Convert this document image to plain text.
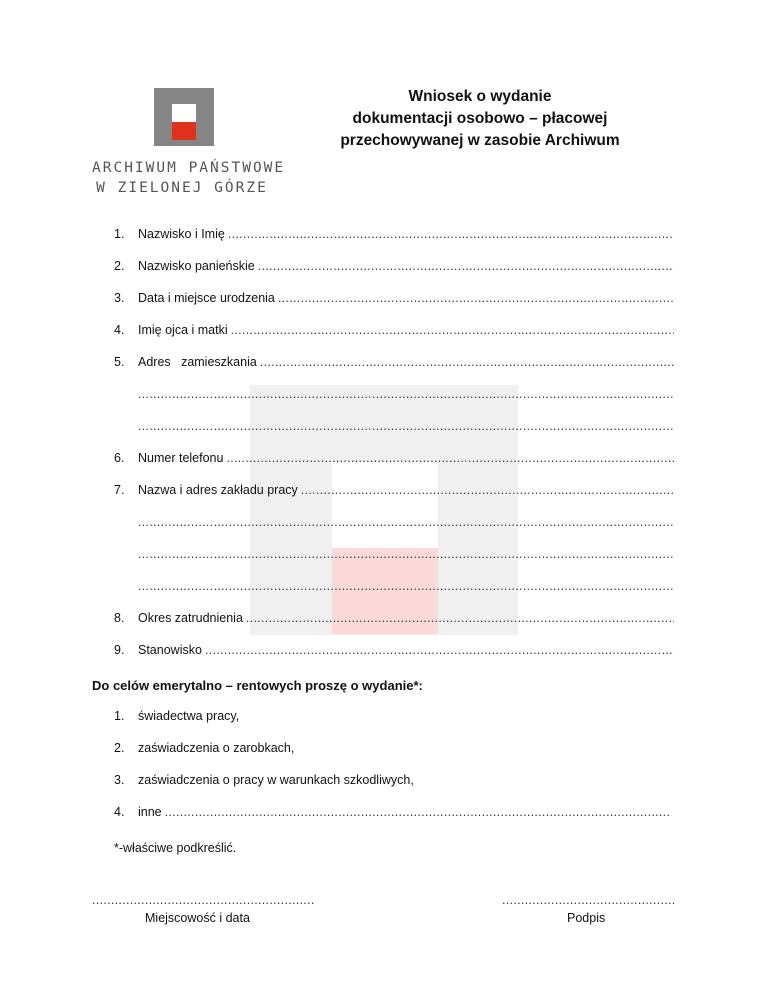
ARCHIWUM PAŃSTWOWE
W ZIELONEJ GÓRZE
Wniosek o wydanie
dokumentacji osobowo – płacowej
przechowywanej w zasobie Archiwum
1.	Nazwisko i Imię
.....
2.	Nazwisko panieńskie
.....
3.	Data i miejsce urodzenia
.....
4.	Imię ojca i matki
.....
5.	Adres   zamieszkania
.....
.....
.....
6.	Numer telefonu
.....
7.	Nazwa i adres zakładu pracy
.....
.....
.....
.....
8.	Okres zatrudnienia
.....
9.	Stanowisko
.....
Do celów emerytalno – rentowych proszę o wydanie*:
1. świadectwa pracy,
2. zaświadczenia o zarobkach,
3. zaświadczenia o pracy w warunkach szkodliwych,
4.	inne
.....
*-właściwe podkreślić.
.....
Miejscowość i data
.....	Podpis
